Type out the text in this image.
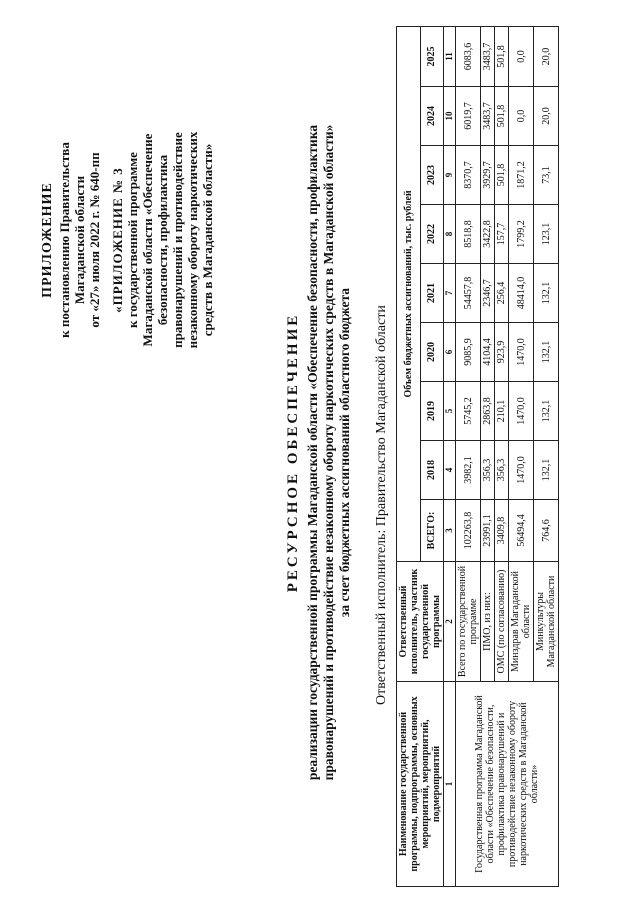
ПРИЛОЖЕНИЕ к постановлению Правительства Магаданской области от «27» июля 2022 г. № 640-пп «ПРИЛОЖЕНИЕ № 3 к государственной программе Магаданской области «Обеспечение безопасности, профилактика правонарушений и противодействие незаконному обороту наркотических средств в Магаданской области»
РЕСУРСНОЕ ОБЕСПЕЧЕНИЕ реализации государственной программы Магаданской области «Обеспечение безопасности, профилактика правонарушений и противодействие незаконному обороту наркотических средств в Магаданской области» за счет бюджетных ассигнований областного бюджета Ответственный исполнитель: Правительство Магаданской области
Наименование государственной программы, подпрограммы, основных мероприятий, мероприятий, подмероприятий	Ответственный исполнитель, участник государственной программы	Объем бюджетных ассигнований, тыс. рублей								
		ВСЕГО:	2018	2019	2020	2021	2022	2023	2024	2025
1	2	3	4	5	6	7	8	9	10	11
Государственная программа Магаданской области «Обеспечение безопасности, профилактика правонарушений и противодействие незаконному обороту наркотических средств в Магаданской области»	Всего по государственной программе	102263,8	3982,1	5745,2	9085,9	54457,8	8518,8	8370,7	6019,7	6083,6
	ПМО, из них:	23991,1	356,3	2863,8	4104,4	2346,7	3422,8	3929,7	3483,7	3483,7
	ОМС (по согласованию)	3409,8	356,3	210,1	923,9	256,4	157,7	501,8	501,8	501,8
	Минздрав Магаданской области	56494,4	1470,0	1470,0	1470,0	48414,0	1799,2	1871,2	0,0	0,0
	Минкультуры Магаданской области	764,6	132,1	132,1	132,1	132,1	123,1	73,1	20,0	20,0
